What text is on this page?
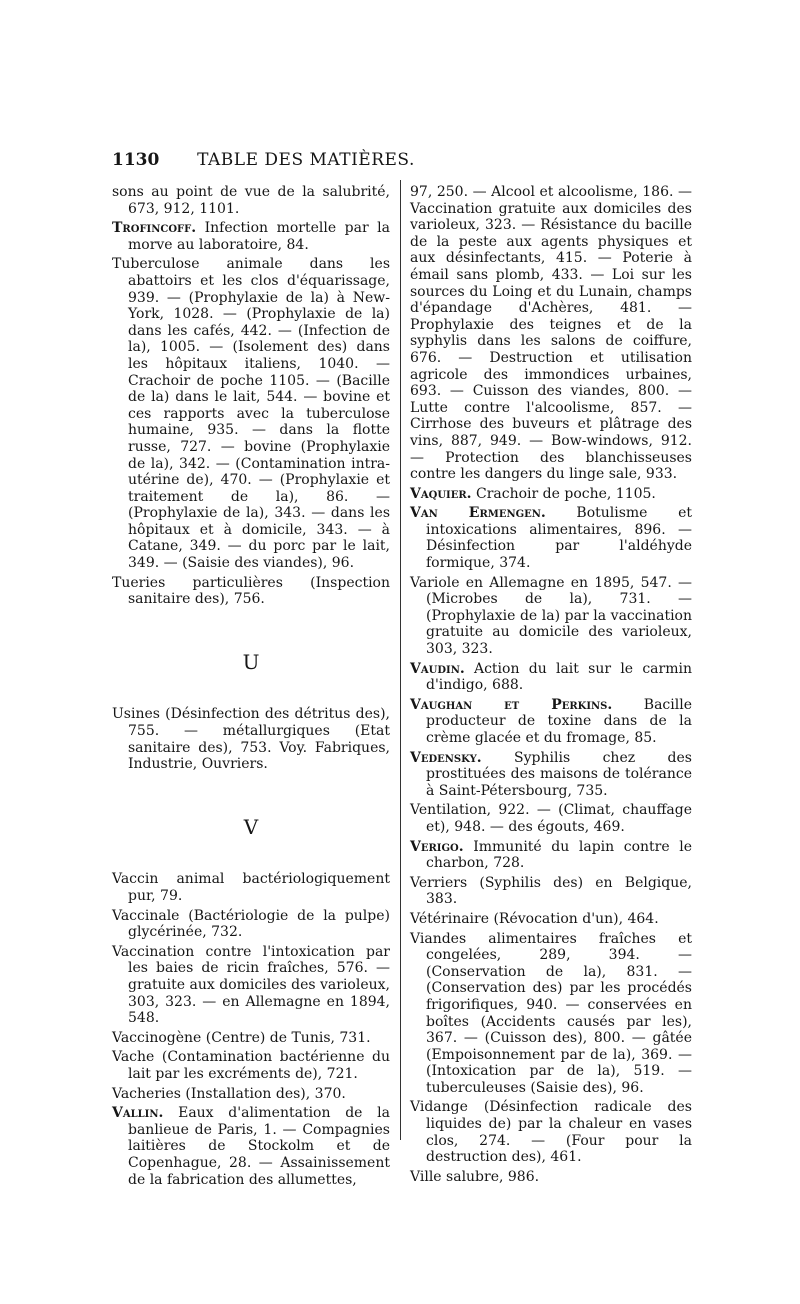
1130	TABLE DES MATIÈRES.

sons au point de vue de la salubrité, 673, 912, 1101.

Trofincoff. Infection mortelle par la morve au laboratoire, 84.

Tuberculose animale dans les abattoirs et les clos d'équarissage, 939. — (Prophylaxie de la) à New-York, 1028. — (Prophylaxie de la) dans les cafés, 442. — (Infection de la), 1005. — (Isolement des) dans les hôpitaux italiens, 1040. — Crachoir de poche 1105. — (Bacille de la) dans le lait, 544. — bovine et ces rapports avec la tuberculose humaine, 935. — dans la flotte russe, 727. — bovine (Prophylaxie de la), 342. — (Contamination intra-utérine de), 470. — (Prophylaxie et traitement de la), 86. — (Prophylaxie de la), 343. — dans les hôpitaux et à domicile, 343. — à Catane, 349. — du porc par le lait, 349. — (Saisie des viandes), 96.

Tueries particulières (Inspection sanitaire des), 756.

U

Usines (Désinfection des détritus des), 755. — métallurgiques (Etat sanitaire des), 753. Voy. Fabriques, Industrie, Ouvriers.

V

Vaccin animal bactériologiquement pur, 79.

Vaccinale (Bactériologie de la pulpe) glycérinée, 732.

Vaccination contre l'intoxication par les baies de ricin fraîches, 576. — gratuite aux domiciles des varioleux, 303, 323. — en Allemagne en 1894, 548.

Vaccinogène (Centre) de Tunis, 731.

Vache (Contamination bactérienne du lait par les excréments de), 721.

Vacheries (Installation des), 370.

Vallin. Eaux d'alimentation de la banlieue de Paris, 1. — Compagnies laitières de Stockolm et de Copenhague, 28. — Assainissement de la fabrication des allumettes,

97, 250. — Alcool et alcoolisme, 186. — Vaccination gratuite aux domiciles des varioleux, 323. — Résistance du bacille de la peste aux agents physiques et aux désinfectants, 415. — Poterie à émail sans plomb, 433. — Loi sur les sources du Loing et du Lunain, champs d'épandage d'Achères, 481. — Prophylaxie des teignes et de la syphylis dans les salons de coiffure, 676. — Destruction et utilisation agricole des immondices urbaines, 693. — Cuisson des viandes, 800. — Lutte contre l'alcoolisme, 857. — Cirrhose des buveurs et plâtrage des vins, 887, 949. — Bow-windows, 912. — Protection des blanchisseuses contre les dangers du linge sale, 933.

Vaquier. Crachoir de poche, 1105.

Van Ermengen. Botulisme et intoxications alimentaires, 896. — Désinfection par l'aldéhyde formique, 374.

Variole en Allemagne en 1895, 547. — (Microbes de la), 731. — (Prophylaxie de la) par la vaccination gratuite au domicile des varioleux, 303, 323.

Vaudin. Action du lait sur le carmin d'indigo, 688.

Vaughan et Perkins. Bacille producteur de toxine dans de la crème glacée et du fromage, 85.

Vedensky. Syphilis chez des prostituées des maisons de tolérance à Saint-Pétersbourg, 735.

Ventilation, 922. — (Climat, chauffage et), 948. — des égouts, 469.

Verigo. Immunité du lapin contre le charbon, 728.

Verriers (Syphilis des) en Belgique, 383.

Vétérinaire (Révocation d'un), 464.

Viandes alimentaires fraîches et congelées, 289, 394. — (Conservation de la), 831. — (Conservation des) par les procédés frigorifiques, 940. — conservées en boîtes (Accidents causés par les), 367. — (Cuisson des), 800. — gâtée (Empoisonnement par de la), 369. — (Intoxication par de la), 519. — tuberculeuses (Saisie des), 96.

Vidange (Désinfection radicale des liquides de) par la chaleur en vases clos, 274. — (Four pour la destruction des), 461.

Ville salubre, 986.
